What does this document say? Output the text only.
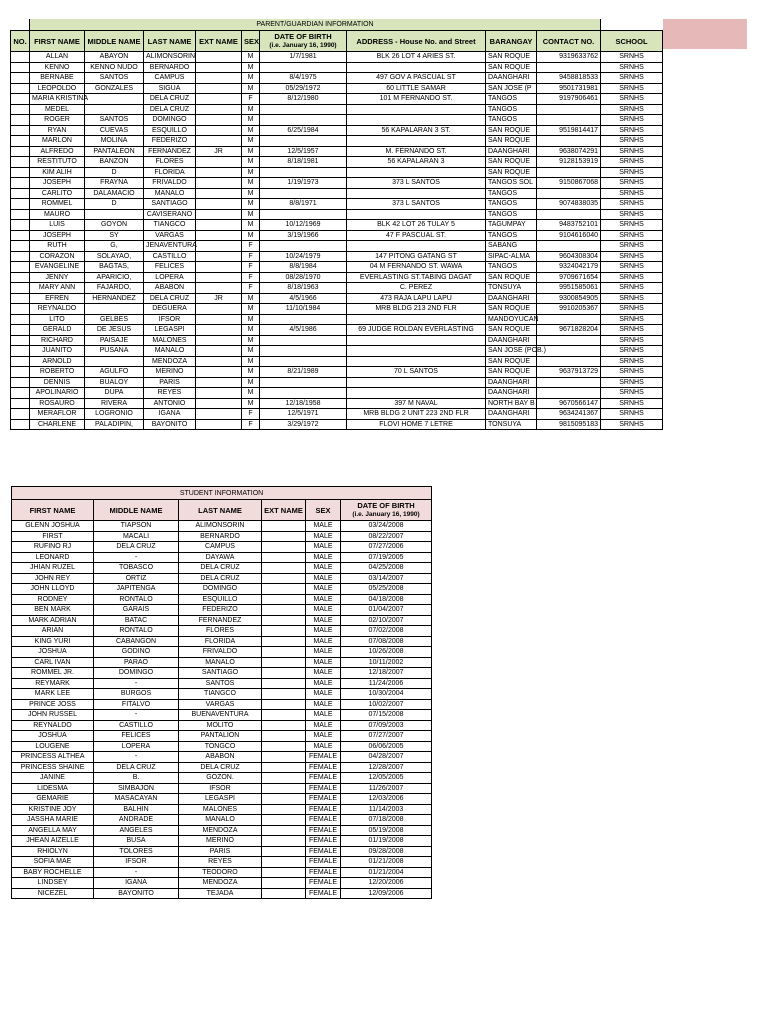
	PARENT/GUARDIAN INFORMATION									
NO.	FIRST NAME	MIDDLE NAME	LAST NAME	EXT NAME	SEX	DATE OF BIRTH
(i.e. January 16, 1990)	ADDRESS - House No. and Street	BARANGAY	CONTACT NO.	SCHOOL
	ALLAN	ABAYON	ALIMONSORIN		M	1/7/1981	BLK 26 LOT 4 ARIES ST.	SAN ROQUE	9319633762	SRNHS
	KENNO	KENNO NUDO	BERNARDO		M			SAN ROQUE		SRNHS
	BERNABE	SANTOS	CAMPUS		M	8/4/1975	497 GOV A PASCUAL ST	DAANGHARI	9458818533	SRNHS
	LEOPOLDO	GONZALES	SIGUA		M	05/29/1972	60 LITTLE SAMAR	SAN JOSE (P	9501731981	SRNHS
	MARIA KRISTINA		DELA CRUZ		F	8/12/1980	101 M FERNANDO ST.	TANGOS	9197906461	SRNHS
	MEDEL		DELA CRUZ		M			TANGOS		SRNHS
	ROGER	SANTOS	DOMINGO		M			TANGOS		SRNHS
	RYAN	CUEVAS	ESQUILLO		M	6/25/1984	56 KAPALARAN 3 ST.	SAN ROQUE	9519814417	SRNHS
	MARLON	MOLINA	FEDERIZO		M			SAN ROQUE		SRNHS
	ALFREDO	PANTALEON	FERNANDEZ	JR	M	12/5/1957	M. FERNANDO ST.	DAANGHARI	9638074291	SRNHS
	RESTITUTO	BANZON	FLORES		M	8/18/1981	56 KAPALARAN 3	SAN ROQUE	9128153919	SRNHS
	KIM ALIH	D	FLORIDA		M			SAN ROQUE		SRNHS
	JOSEPH	FRAYNA	FRIVALDO		M	1/19/1973	373 L SANTOS	TANGOS SOL	9150867068	SRNHS
	CARLITO	DALAMACIO	MANALO		M			TANGOS		SRNHS
	ROMMEL	D	SANTIAGO		M	8/8/1971	373 L SANTOS	TANGOS	9074838035	SRNHS
	MAURO		CAVISERANO		M			TANGOS		SRNHS
	LUIS	GOYON	TIANGCO		M	10/12/1969	BLK 42 LOT 26 TULAY 5	TAGUMPAY	9483752101	SRNHS
	JOSEPH	SY	VARGAS		M	3/19/1966	47 F PASCUAL ST.	TANGOS	9104616040	SRNHS
	RUTH	G,	JENAVENTURA		F			SABANG		SRNHS
	CORAZON	SOLAYAO,	CASTILLO		F	10/24/1979	147 PITONG GATANG ST	SIPAC-ALMA	9604308304	SRNHS
	EVANGELINE	BAGTAS,	FELICES		F	8/8/1984	04 M FERNANDO ST. WAWA	TANGOS	9324042179	SRNHS
	JENNY	APARICIO,	LOPERA		F	08/28/1970	EVERLASTING ST.TABING DAGAT	SAN ROQUE	9709671654	SRNHS
	MARY ANN	FAJARDO,	ABABON		F	8/18/1963	C. PEREZ	TONSUYA	9951585061	SRNHS
	EFREN	HERNANDEZ	DELA CRUZ	JR	M	4/5/1966	473 RAJA LAPU LAPU	DAANGHARI	9300854905	SRNHS
	REYNALDO		DEGUERA		M	11/10/1984	MRB BLDG 213 2ND FLR	SAN ROQUE	9910205367	SRNHS
	LITO	GELBES	IFSOR		M			MANDOYUCAN		SRNHS
	GERALD	DE JESUS	LEGASPI		M	4/5/1986	69 JUDGE ROLDAN EVERLASTING	SAN ROQUE	9671828204	SRNHS
	RICHARD	PAISAJE	MALONES		M			DAANGHARI		SRNHS
	JUANITO	PUSANA	MANALO		M			SAN JOSE (POB.)		SRNHS
	ARNOLD		MENDOZA		M			SAN ROQUE		SRNHS
	ROBERTO	AGULFO	MERINO		M	8/21/1989	70 L SANTOS	SAN ROQUE	9637913729	SRNHS
	DENNIS	BUALOY	PARIS		M			DAANGHARI		SRNHS
	APOLINARIO	DUPA	REYES		M			DAANGHARI		SRNHS
	ROSAURO	RIVERA	ANTONIO		M	12/18/1958	397 M NAVAL	NORTH BAY B	9670566147	SRNHS
	MERAFLOR	LOGRONIO	IGANA		F	12/5/1971	MRB BLDG 2 UNIT 223 2ND FLR	DAANGHARI	9634241367	SRNHS
	CHARLENE	PALADIPIN,	BAYONITO		F	3/29/1972	FLOVI HOME 7 LETRE	TONSUYA	9815095183	SRNHS
STUDENT INFORMATION					
FIRST NAME	MIDDLE NAME	LAST NAME	EXT NAME	SEX	DATE OF BIRTH
(i.e. January 16, 1990)

GLENN JOSHUA	TIAPSON	ALIMONSORIN		MALE	03/24/2008
FIRST	MACALI	BERNARDO		MALE	08/22/2007
RUFINO RJ	DELA CRUZ	CAMPUS		MALE	07/27/2006
LEONARD	-	DAYAWA		MALE	07/19/2005
JHIAN RUZEL	TOBASCO	DELA CRUZ		MALE	04/25/2008
JOHN REY	ORTIZ	DELA CRUZ		MALE	03/14/2007
JOHN LLOYD	JAPITENGA	DOMINGO		MALE	05/25/2008
RODNEY	RONTALO	ESQUILLO		MALE	04/18/2008
BEN MARK	GARAIS	FEDERIZO		MALE	01/04/2007
MARK ADRIAN	BATAC	FERNANDEZ		MALE	02/10/2007
ARIAN	RONTALO	FLORES		MALE	07/02/2008
KING YURI	CABANGON	FLORIDA		MALE	07/08/2008
JOSHUA	GODINO	FRIVALDO		MALE	10/26/2008
CARL IVAN	PARAO	MANALO		MALE	10/11/2002
ROMMEL JR.	DOMINGO	SANTIAGO		MALE	12/18/2007
REYMARK	-	SANTOS		MALE	11/24/2006
MARK LEE	BURGOS	TIANGCO		MALE	10/30/2004
PRINCE JOSS	FITALVO	VARGAS		MALE	10/02/2007
JOHN RUSSEL	-	BUENAVENTURA		MALE	07/15/2008
REYNALDO	CASTILLO	MOLITO		MALE	07/09/2003
JOSHUA	FELICES	PANTALION		MALE	07/27/2007
LOUGENE	LOPERA	TONGCO		MALE	06/06/2005
PRINCESS ALTHEA	-	ABABON		FEMALE	04/28/2007
PRINCESS SHAINE	DELA CRUZ	DELA CRUZ		FEMALE	12/28/2007
JANINE	B.	GOZON.		FEMALE	12/05/2005
LIDESMA	SIMBAJON	IFSOR		FEMALE	11/26/2007
GEMARIE	MASACAYAN	LEGASPI		FEMALE	12/03/2006
KRISTINE JOY	BALHIN	MALONES		FEMALE	11/14/2003
JASSHA MARIE	ANDRADE	MANALO		FEMALE	07/18/2008
ANGELLA MAY	ANGELES	MENDOZA		FEMALE	05/19/2008
JHEAN AIZELLE	BUSA	MERINO		FEMALE	01/19/2008
RHIOLYN	TOLORES	PARIS		FEMALE	09/28/2008
SOFIA MAE	IFSOR	REYES		FEMALE	01/21/2008
BABY ROCHELLE	-	TEODORO		FEMALE	01/21/2004
LINDSEY	IGANA	MENDOZA		FEMALE	12/20/2006
NICEZEL	BAYONITO	TEJADA		FEMALE	12/09/2006
